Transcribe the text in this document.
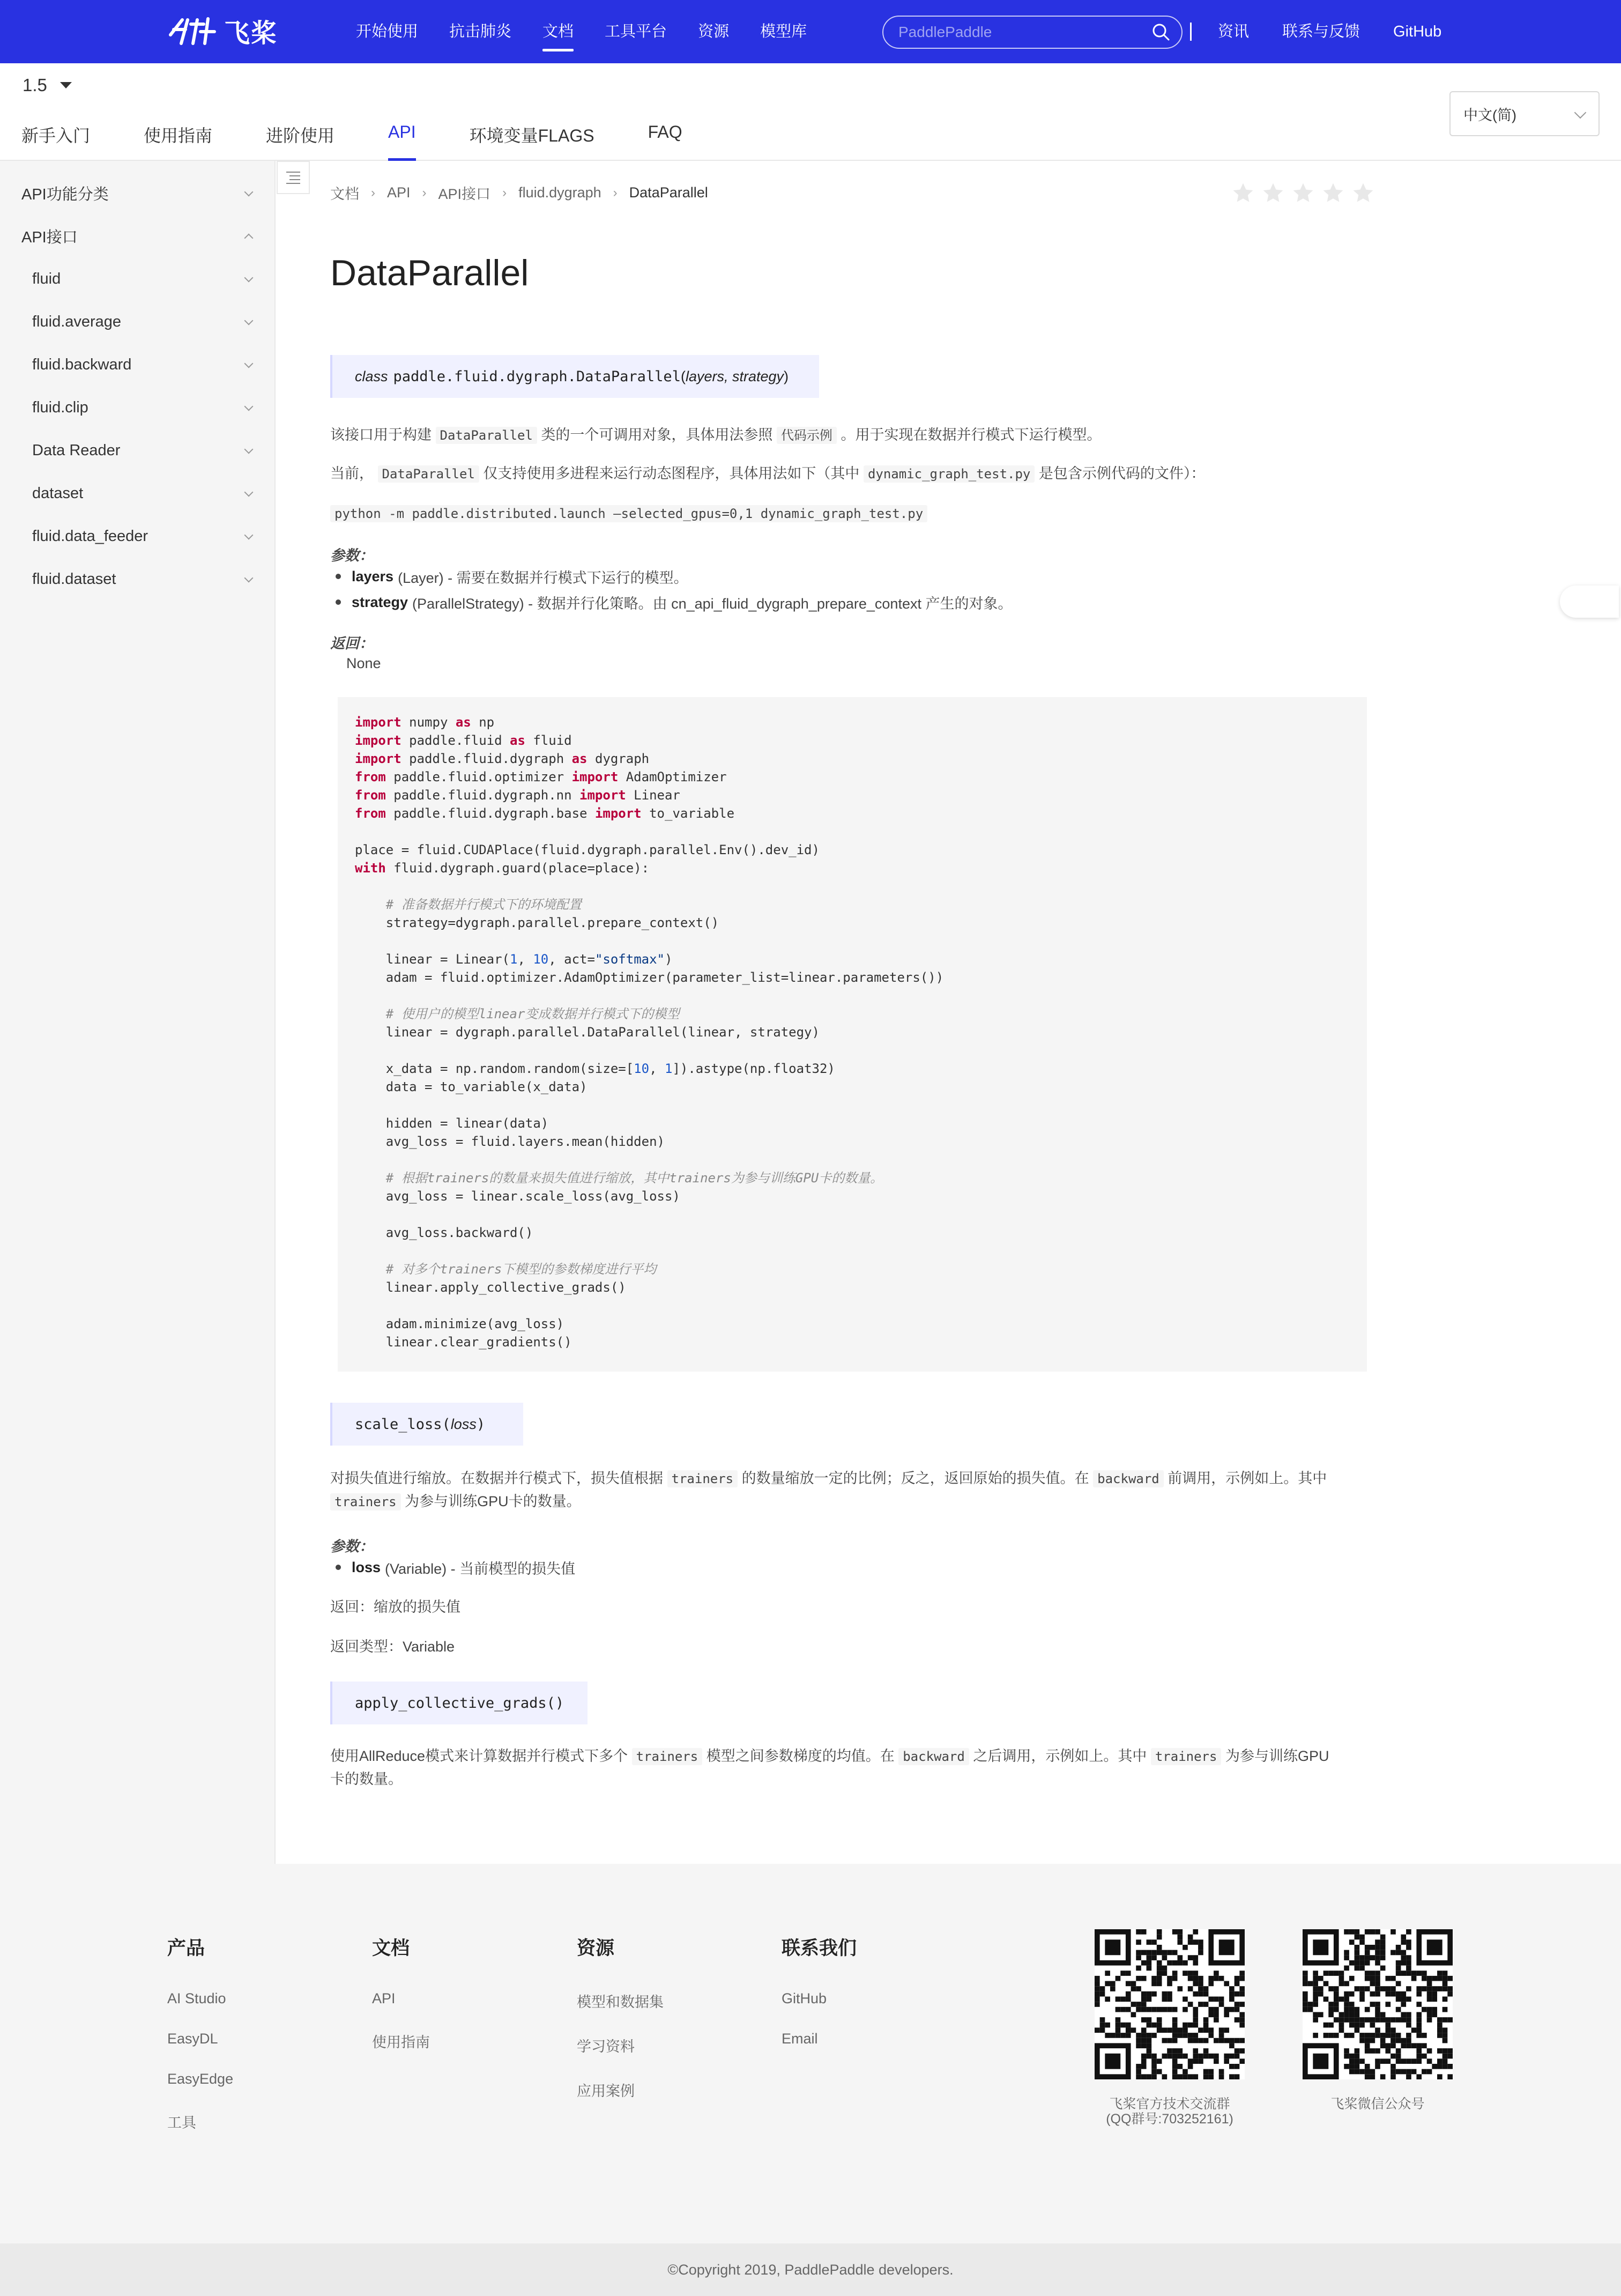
飞桨	开始使用 抗击肺炎 文档 工具平台 资源 模型库
PaddlePaddle	资讯 联系与反馈 GitHub
1.5
新手入门	使用指南	进阶使用	API	环境变量FLAGS	FAQ
中文(简)
API功能分类
API接口
fluid
fluid.average
fluid.backward
fluid.clip
Data Reader
dataset
fluid.data_feeder
fluid.dataset
文档 › API › API接口 › fluid.dygraph › DataParallel
DataParallel
class paddle.fluid.dygraph.DataParallel ( layers, strategy )
该接口用于构建 DataParallel 类的一个可调用对象，具体用法参照 代码示例 。用于实现在数据并行模式下运行模型。
当前， DataParallel 仅支持使用多进程来运行动态图程序，具体用法如下（其中 dynamic_graph_test.py 是包含示例代码的文件）：
python -m paddle.distributed.launch —selected_gpus=0,1 dynamic_graph_test.py
参数：
layers (Layer) - 需要在数据并行模式下运行的模型。
strategy (ParallelStrategy) - 数据并行化策略。由 cn_api_fluid_dygraph_prepare_context 产生的对象。
返回：
None
import numpy as np
import paddle.fluid as fluid
import paddle.fluid.dygraph as dygraph
from paddle.fluid.optimizer import AdamOptimizer
from paddle.fluid.dygraph.nn import Linear
from paddle.fluid.dygraph.base import to_variable

place = fluid.CUDAPlace(fluid.dygraph.parallel.Env().dev_id)
with fluid.dygraph.guard(place=place):

# 准备数据并行模式下的环境配置
strategy=dygraph.parallel.prepare_context()

linear = Linear(1, 10, act="softmax")
adam = fluid.optimizer.AdamOptimizer(parameter_list=linear.parameters())

# 使用户的模型linear变成数据并行模式下的模型
linear = dygraph.parallel.DataParallel(linear, strategy)

x_data = np.random.random(size=[10, 1]).astype(np.float32)
data = to_variable(x_data)

hidden = linear(data)
avg_loss = fluid.layers.mean(hidden)

# 根据trainers的数量来损失值进行缩放，其中trainers为参与训练GPU卡的数量。
avg_loss = linear.scale_loss(avg_loss)

avg_loss.backward()

# 对多个trainers下模型的参数梯度进行平均
linear.apply_collective_grads()

adam.minimize(avg_loss)
linear.clear_gradients()
scale_loss( loss )
对损失值进行缩放。在数据并行模式下，损失值根据 trainers 的数量缩放一定的比例；反之，返回原始的损失值。在 backward 前调用，示例如上。其中
trainers 为参与训练GPU卡的数量。
参数：
loss (Variable) - 当前模型的损失值
返回：缩放的损失值
返回类型：Variable
apply_collective_grads()
使用AllReduce模式来计算数据并行模式下多个 trainers 模型之间参数梯度的均值。在 backward 之后调用，示例如上。其中 trainers 为参与训练GPU
卡的数量。
产品
AI Studio
EasyDL
EasyEdge
工具
文档
API
使用指南
资源
模型和数据集
学习资料
应用案例
联系我们
GitHub
Email
飞桨官方技术交流群
(QQ群号:703252161)
飞桨微信公众号
©Copyright 2019, PaddlePaddle developers.
